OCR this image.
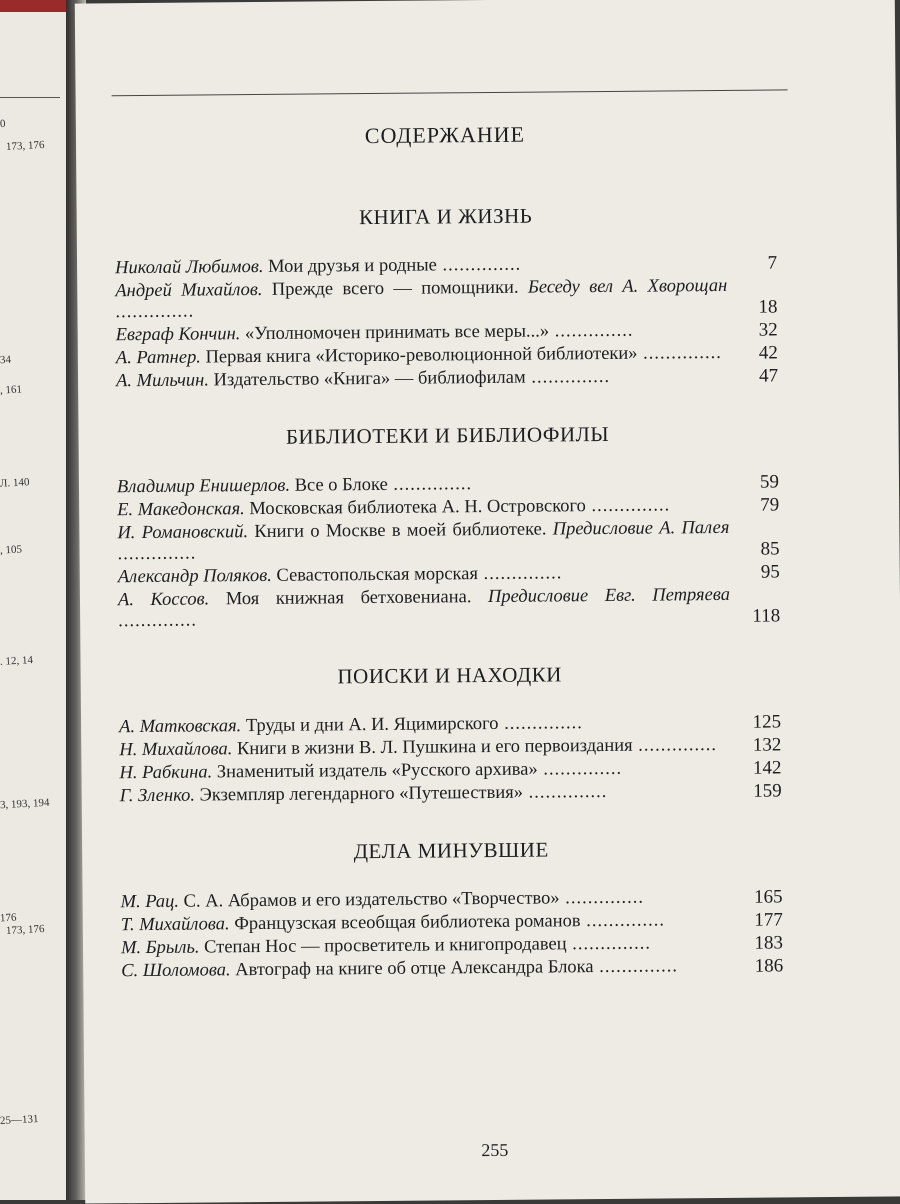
0
173, 176
34
, 161
Л. 140
, 105
. 12, 14
3, 193, 194
176
173, 176
25—131
СОДЕРЖАНИЕ
КНИГА И ЖИЗНЬ
Николай Любимов. Мои друзья и родные ..............	7
Андрей Михайлов. Прежде всего — помощники. Беседу вел А. Хворощан ..............	18
Евграф Кончин. «Уполномочен принимать все меры...» ..............	32
А. Ратнер. Первая книга «Историко-революционной библиотеки» ..............	42
А. Мильчин. Издательство «Книга» — библиофилам ..............	47
БИБЛИОТЕКИ И БИБЛИОФИЛЫ
Владимир Енишерлов. Все о Блоке ..............	59
Е. Македонская. Московская библиотека А. Н. Островского ..............	79
И. Романовский. Книги о Москве в моей библиотеке. Предисловие А. Палея ..............	85
Александр Поляков. Севастопольская морская ..............	95
А. Коссов. Моя книжная бетховениана. Предисловие Евг. Петряева ..............	118
ПОИСКИ И НАХОДКИ
А. Матковская. Труды и дни А. И. Яцимирского ..............	125
Н. Михайлова. Книги в жизни В. Л. Пушкина и его первоиздания ..............	132
Н. Рабкина. Знаменитый издатель «Русского архива» ..............	142
Г. Зленко. Экземпляр легендарного «Путешествия» ..............	159
ДЕЛА МИНУВШИЕ
М. Рац. С. А. Абрамов и его издательство «Творчество» ..............	165
Т. Михайлова. Французская всеобщая библиотека романов ..............	177
М. Брыль. Степан Нос — просветитель и книгопродавец ..............	183
С. Шоломова. Автограф на книге об отце Александра Блока ..............	186
255
